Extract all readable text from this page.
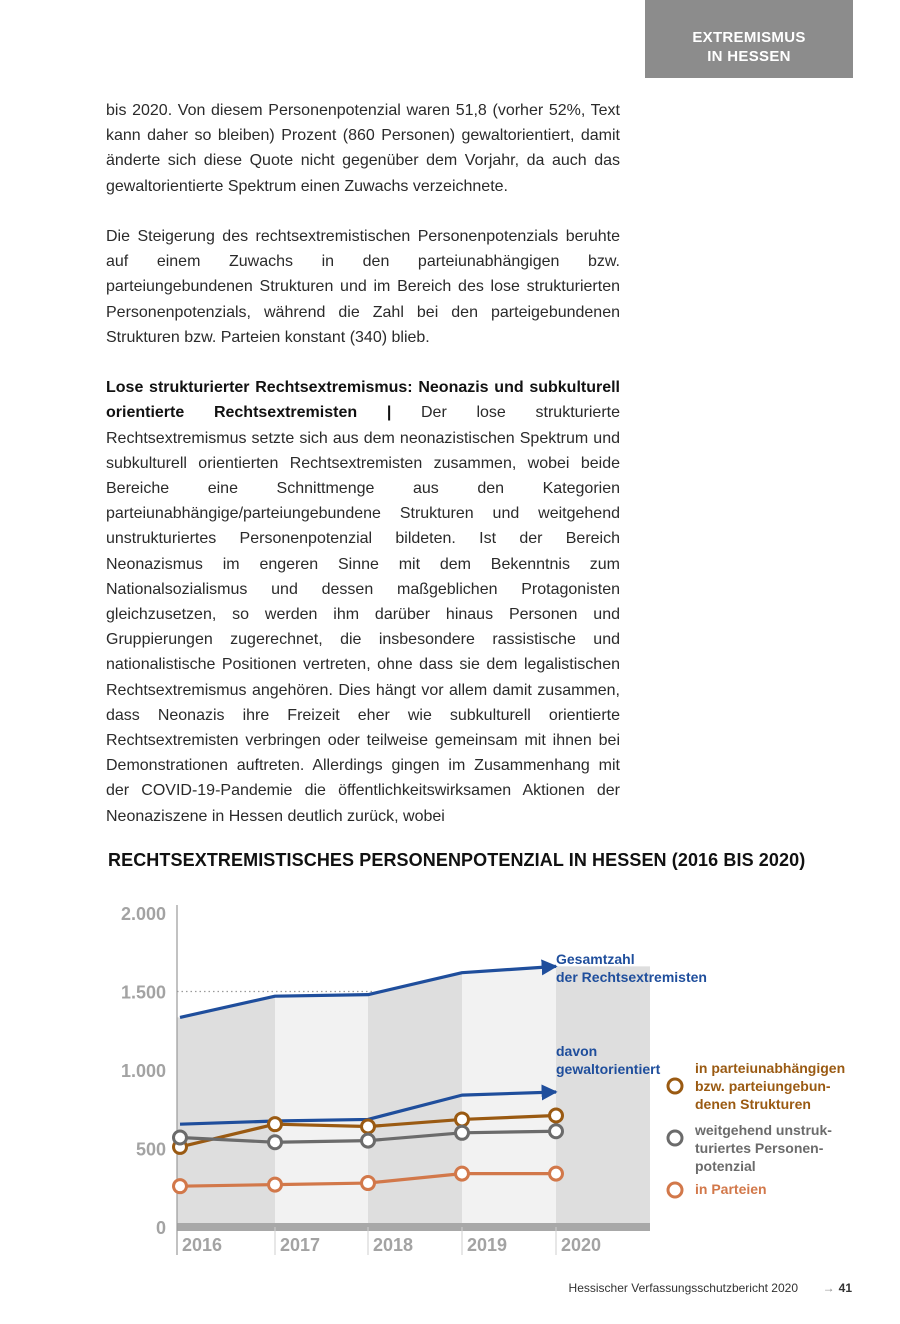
EXTREMISMUS
IN HESSEN

bis 2020. Von diesem Personenpotenzial waren 51,8 (vorher 52%, Text kann daher so bleiben) Prozent (860 Personen) gewaltorientiert, damit änderte sich diese Quote nicht gegenüber dem Vorjahr, da auch das gewaltorientierte Spektrum einen Zuwachs verzeichnete.

Die Steigerung des rechtsextremistischen Personenpotenzials beruhte auf einem Zuwachs in den parteiunabhängigen bzw. parteiungebundenen Strukturen und im Bereich des lose strukturierten Personenpotenzials, während die Zahl bei den parteigebundenen Strukturen bzw. Parteien konstant (340) blieb.

Lose strukturierter Rechtsextremismus: Neonazis und subkulturell orientierte Rechtsextremisten | Der lose strukturierte Rechtsextremismus setzte sich aus dem neonazistischen Spektrum und subkulturell orientierten Rechtsextremisten zusammen, wobei beide Bereiche eine Schnittmenge aus den Kategorien parteiunabhängige/parteiungebundene Strukturen und weitgehend unstrukturiertes Personenpotenzial bildeten. Ist der Bereich Neonazismus im engeren Sinne mit dem Bekenntnis zum Nationalsozialismus und dessen maßgeblichen Protagonisten gleichzusetzen, so werden ihm darüber hinaus Personen und Gruppierungen zugerechnet, die insbesondere rassistische und nationalistische Positionen vertreten, ohne dass sie dem legalistischen Rechtsextremismus angehören. Dies hängt vor allem damit zusammen, dass Neonazis ihre Freizeit eher wie subkulturell orientierte Rechtsextremisten verbringen oder teilweise gemeinsam mit ihnen bei Demonstrationen auftreten. Allerdings gingen im Zusammenhang mit der COVID-19-Pandemie die öffentlichkeitswirksamen Aktionen der Neonaziszene in Hessen deutlich zurück, wobei

RECHTSEXTREMISTISCHES PERSONENPOTENZIAL IN HESSEN (2016 BIS 2020)
0
500
1.000
1.500
2.000
2016	2017	2018	2019	2020
Gesamtzahl der Rechtsextremisten
davon gewaltorientiert in parteiunabhängigen bzw. parteiungebun-denen Strukturen
weitgehend unstruk-turiertes Personen-potenzial
in Parteien
Hessischer Verfassungsschutzbericht 2020 → 41
